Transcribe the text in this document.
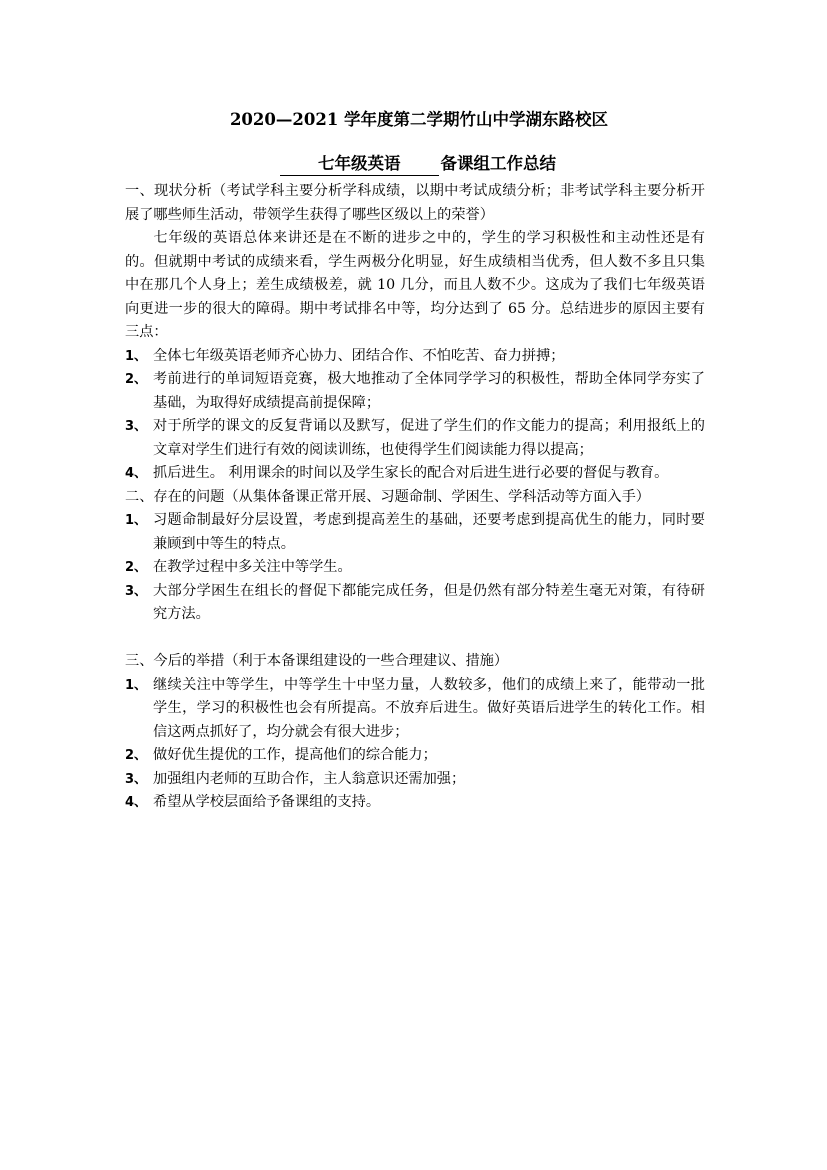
2020—2021 学年度第二学期竹山中学湖东路校区
七年级英语 备课组工作总结
一、现状分析（考试学科主要分析学科成绩，以期中考试成绩分析；非考试学科主要分析开展了哪些师生活动，带领学生获得了哪些区级以上的荣誉）
七年级的英语总体来讲还是在不断的进步之中的，学生的学习积极性和主动性还是有的。但就期中考试的成绩来看，学生两极分化明显，好生成绩相当优秀，但人数不多且只集中在那几个人身上；差生成绩极差，就 10 几分，而且人数不少。这成为了我们七年级英语向更进一步的很大的障碍。期中考试排名中等，均分达到了 65 分。总结进步的原因主要有三点：
1、 全体七年级英语老师齐心协力、团结合作、不怕吃苦、奋力拼搏；
2、 考前进行的单词短语竞赛，极大地推动了全体同学学习的积极性，帮助全体同学夯实了基础，为取得好成绩提高前提保障；
3、 对于所学的课文的反复背诵以及默写，促进了学生们的作文能力的提高；利用报纸上的文章对学生们进行有效的阅读训练，也使得学生们阅读能力得以提高；
4、 抓后进生。 利用课余的时间以及学生家长的配合对后进生进行必要的督促与教育。
二、存在的问题（从集体备课正常开展、习题命制、学困生、学科活动等方面入手）
1、 习题命制最好分层设置，考虑到提高差生的基础，还要考虑到提高优生的能力，同时要兼顾到中等生的特点。
2、 在教学过程中多关注中等学生。
3、 大部分学困生在组长的督促下都能完成任务，但是仍然有部分特差生毫无对策，有待研究方法。
三、今后的举措（利于本备课组建设的一些合理建议、措施）
1、 继续关注中等学生，中等学生十中坚力量，人数较多，他们的成绩上来了，能带动一批学生，学习的积极性也会有所提高。不放弃后进生。做好英语后进学生的转化工作。相信这两点抓好了，均分就会有很大进步；
2、 做好优生提优的工作，提高他们的综合能力；
3、 加强组内老师的互助合作，主人翁意识还需加强；
4、 希望从学校层面给予备课组的支持。
